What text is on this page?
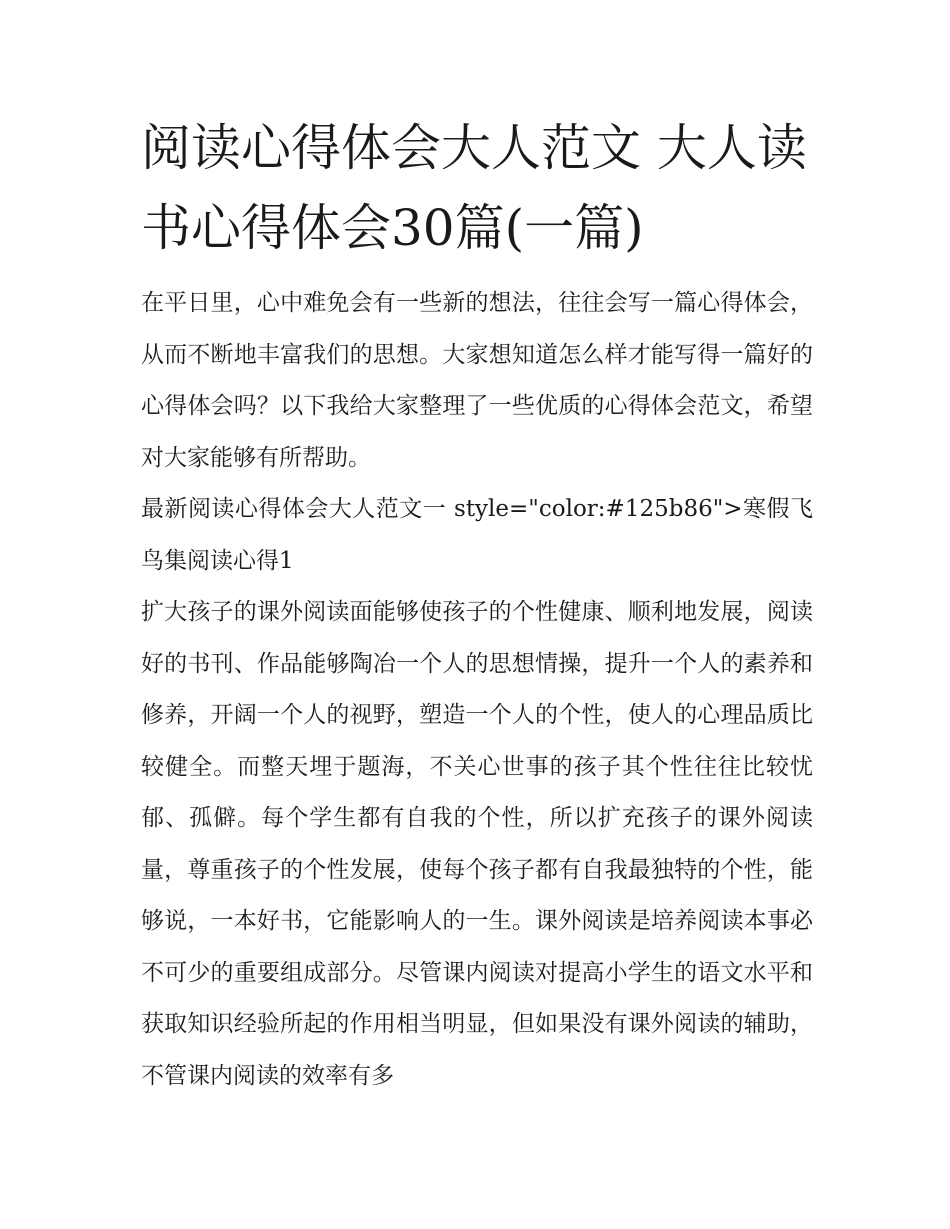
阅读心得体会大人范文 大人读书心得体会30篇(一篇)

在平日里，心中难免会有一些新的想法，往往会写一篇心得体会，从而不断地丰富我们的思想。大家想知道怎么样才能写得一篇好的心得体会吗？以下我给大家整理了一些优质的心得体会范文，希望对大家能够有所帮助。

最新阅读心得体会大人范文一 style="color:#125b86">寒假飞鸟集阅读心得1

扩大孩子的课外阅读面能够使孩子的个性健康、顺利地发展，阅读好的书刊、作品能够陶冶一个人的思想情操，提升一个人的素养和修养，开阔一个人的视野，塑造一个人的个性，使人的心理品质比较健全。而整天埋于题海，不关心世事的孩子其个性往往比较忧郁、孤僻。每个学生都有自我的个性，所以扩充孩子的课外阅读量，尊重孩子的个性发展，使每个孩子都有自我最独特的个性，能够说，一本好书，它能影响人的一生。课外阅读是培养阅读本事必不可少的重要组成部分。尽管课内阅读对提高小学生的语文水平和获取知识经验所起的作用相当明显，但如果没有课外阅读的辅助，不管课内阅读的效率有多
